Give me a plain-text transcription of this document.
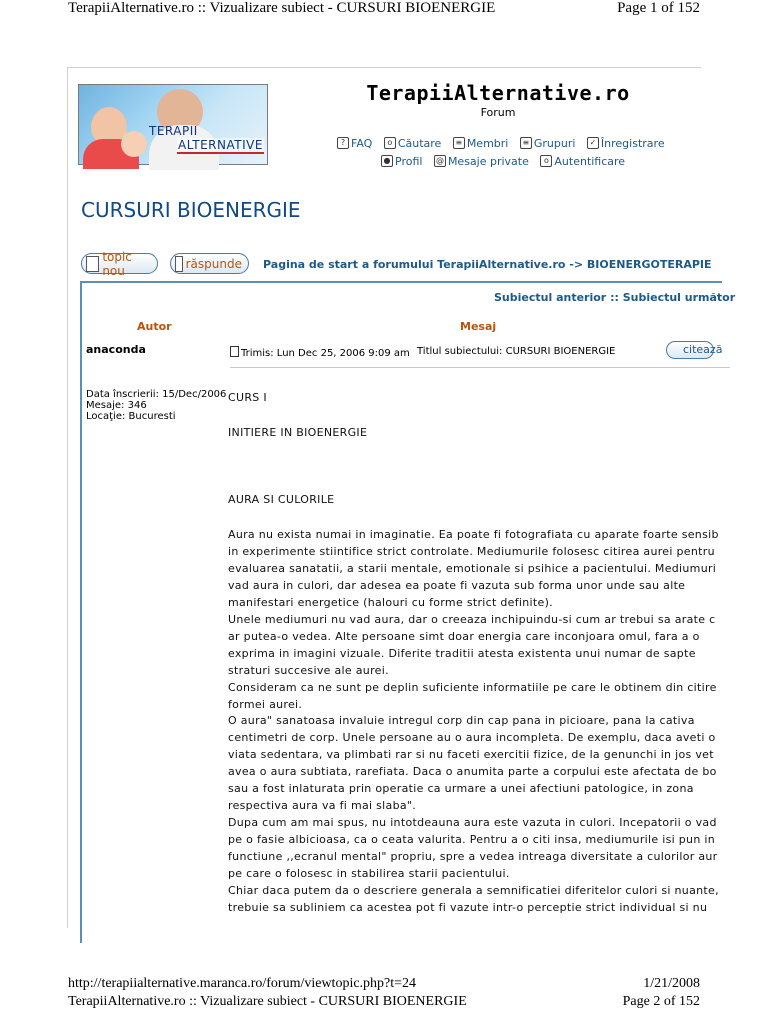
TerapiiAlternative.ro :: Vizualizare subiect - CURSURI BIOENERGIE	Page 1 of 152
TERAPII
ALTERNATIVE
TerapiiAlternative.ro
Forum
? FAQ
	o Căutare
	≡ Membri
	≡ Grupuri
	✓ Înregistrare
● Profil
@ Mesaje private
	o Autentificare
CURSURI BIOENERGIE
topic nou	răspunde Pagina de start a forumului TerapiiAlternative.ro -> BIOENERGOTERAPIE
Subiectul anterior :: Subiectul următor
Autor	Mesaj
anaconda	Trimis: Lun Dec 25, 2006 9:09 am Titlul subiectului: CURSURI BIOENERGIE	citează
Data înscrierii: 15/Dec/2006
Mesaje: 346
Locaţie: Bucuresti

CURS I

INITIERE IN BIOENERGIE

AURA SI CULORILE

Aura nu exista numai in imaginatie. Ea poate fi fotografiata cu aparate foarte sensib

in experimente stiintifice strict controlate. Mediumurile folosesc citirea aurei pentru

evaluarea sanatatii, a starii mentale, emotionale si psihice a pacientului. Mediumuri

vad aura in culori, dar adesea ea poate fi vazuta sub forma unor unde sau alte

manifestari energetice (halouri cu forme strict definite).

Unele mediumuri nu vad aura, dar o creeaza inchipuindu-si cum ar trebui sa arate c

ar putea-o vedea. Alte persoane simt doar energia care inconjoara omul, fara a o

exprima in imagini vizuale. Diferite traditii atesta existenta unui numar de sapte

straturi succesive ale aurei.

Consideram ca ne sunt pe deplin suficiente informatiile pe care le obtinem din citire

formei aurei.

O aura" sanatoasa invaluie intregul corp din cap pana in picioare, pana la cativa

centimetri de corp. Unele persoane au o aura incompleta. De exemplu, daca aveti o

viata sedentara, va plimbati rar si nu faceti exercitii fizice, de la genunchi in jos vet

avea o aura subtiata, rarefiata. Daca o anumita parte a corpului este afectata de bo

sau a fost inlaturata prin operatie ca urmare a unei afectiuni patologice, in zona

respectiva aura va fi mai slaba".

Dupa cum am mai spus, nu intotdeauna aura este vazuta in culori. Incepatorii o vad

pe o fasie albicioasa, ca o ceata valurita. Pentru a o citi insa, mediumurile isi pun in

functiune ,,ecranul mental" propriu, spre a vedea intreaga diversitate a culorilor aur

pe care o folosesc in stabilirea starii pacientului.

Chiar daca putem da o descriere generala a semnificatiei diferitelor culori si nuante,

trebuie sa subliniem ca acestea pot fi vazute intr-o perceptie strict individual si nu

http://terapiialternative.maranca.ro/forum/viewtopic.php?t=24	1/21/2008
TerapiiAlternative.ro :: Vizualizare subiect - CURSURI BIOENERGIE	Page 2 of 152
